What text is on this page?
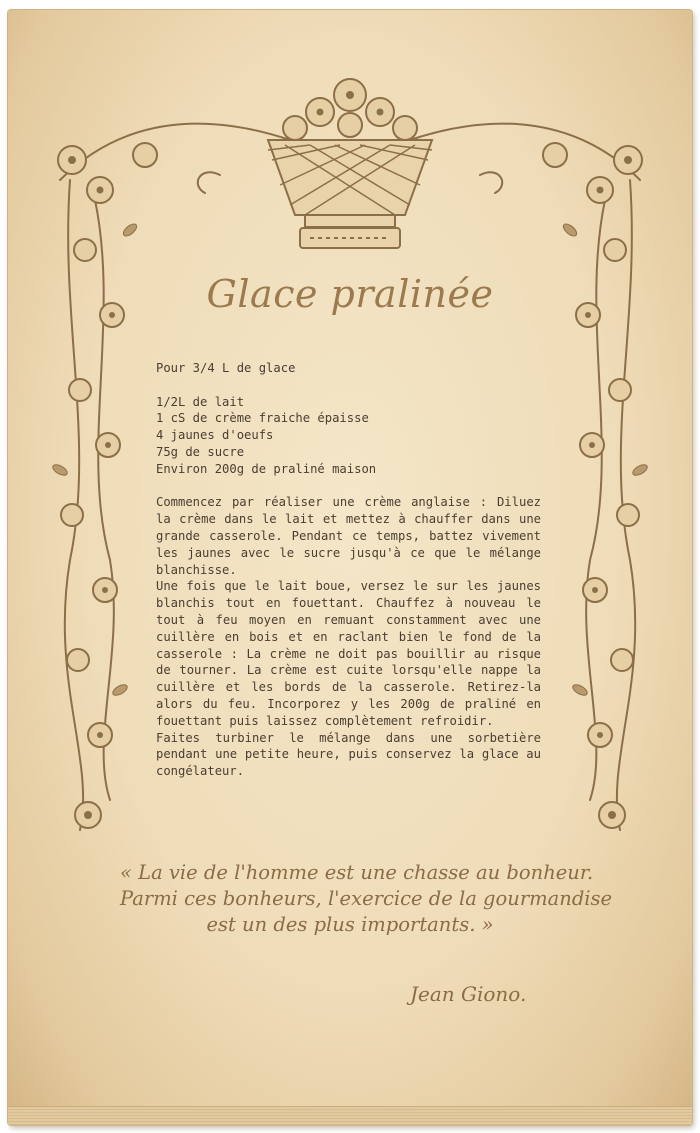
Glace pralinée

Pour 3/4 L de glace

1/2L de lait

1 cS de crème fraiche épaisse

4 jaunes d'oeufs

75g de sucre

Environ 200g de praliné maison

Commencez par réaliser une crème anglaise : Diluez la crème dans le lait et mettez à chauffer dans une grande casserole. Pendant ce temps, battez vivement les jaunes avec le sucre jusqu'à ce que le mélange blanchisse.

Une fois que le lait boue, versez le sur les jaunes blanchis tout en fouettant. Chauffez à nouveau le tout à feu moyen en remuant constamment avec une cuillère en bois et en raclant bien le fond de la casserole : La crème ne doit pas bouillir au risque de tourner. La crème est cuite lorsqu'elle nappe la cuillère et les bords de la casserole. Retirez-la alors du feu. Incorporez y les 200g de praliné en fouettant puis laissez complètement refroidir.

Faites turbiner le mélange dans une sorbetière pendant une petite heure, puis conservez la glace au congélateur.

« La vie de l'homme est une chasse au bonheur.
Parmi ces bonheurs, l'exercice de la gourmandise
est un des plus importants. »
Jean Giono.
